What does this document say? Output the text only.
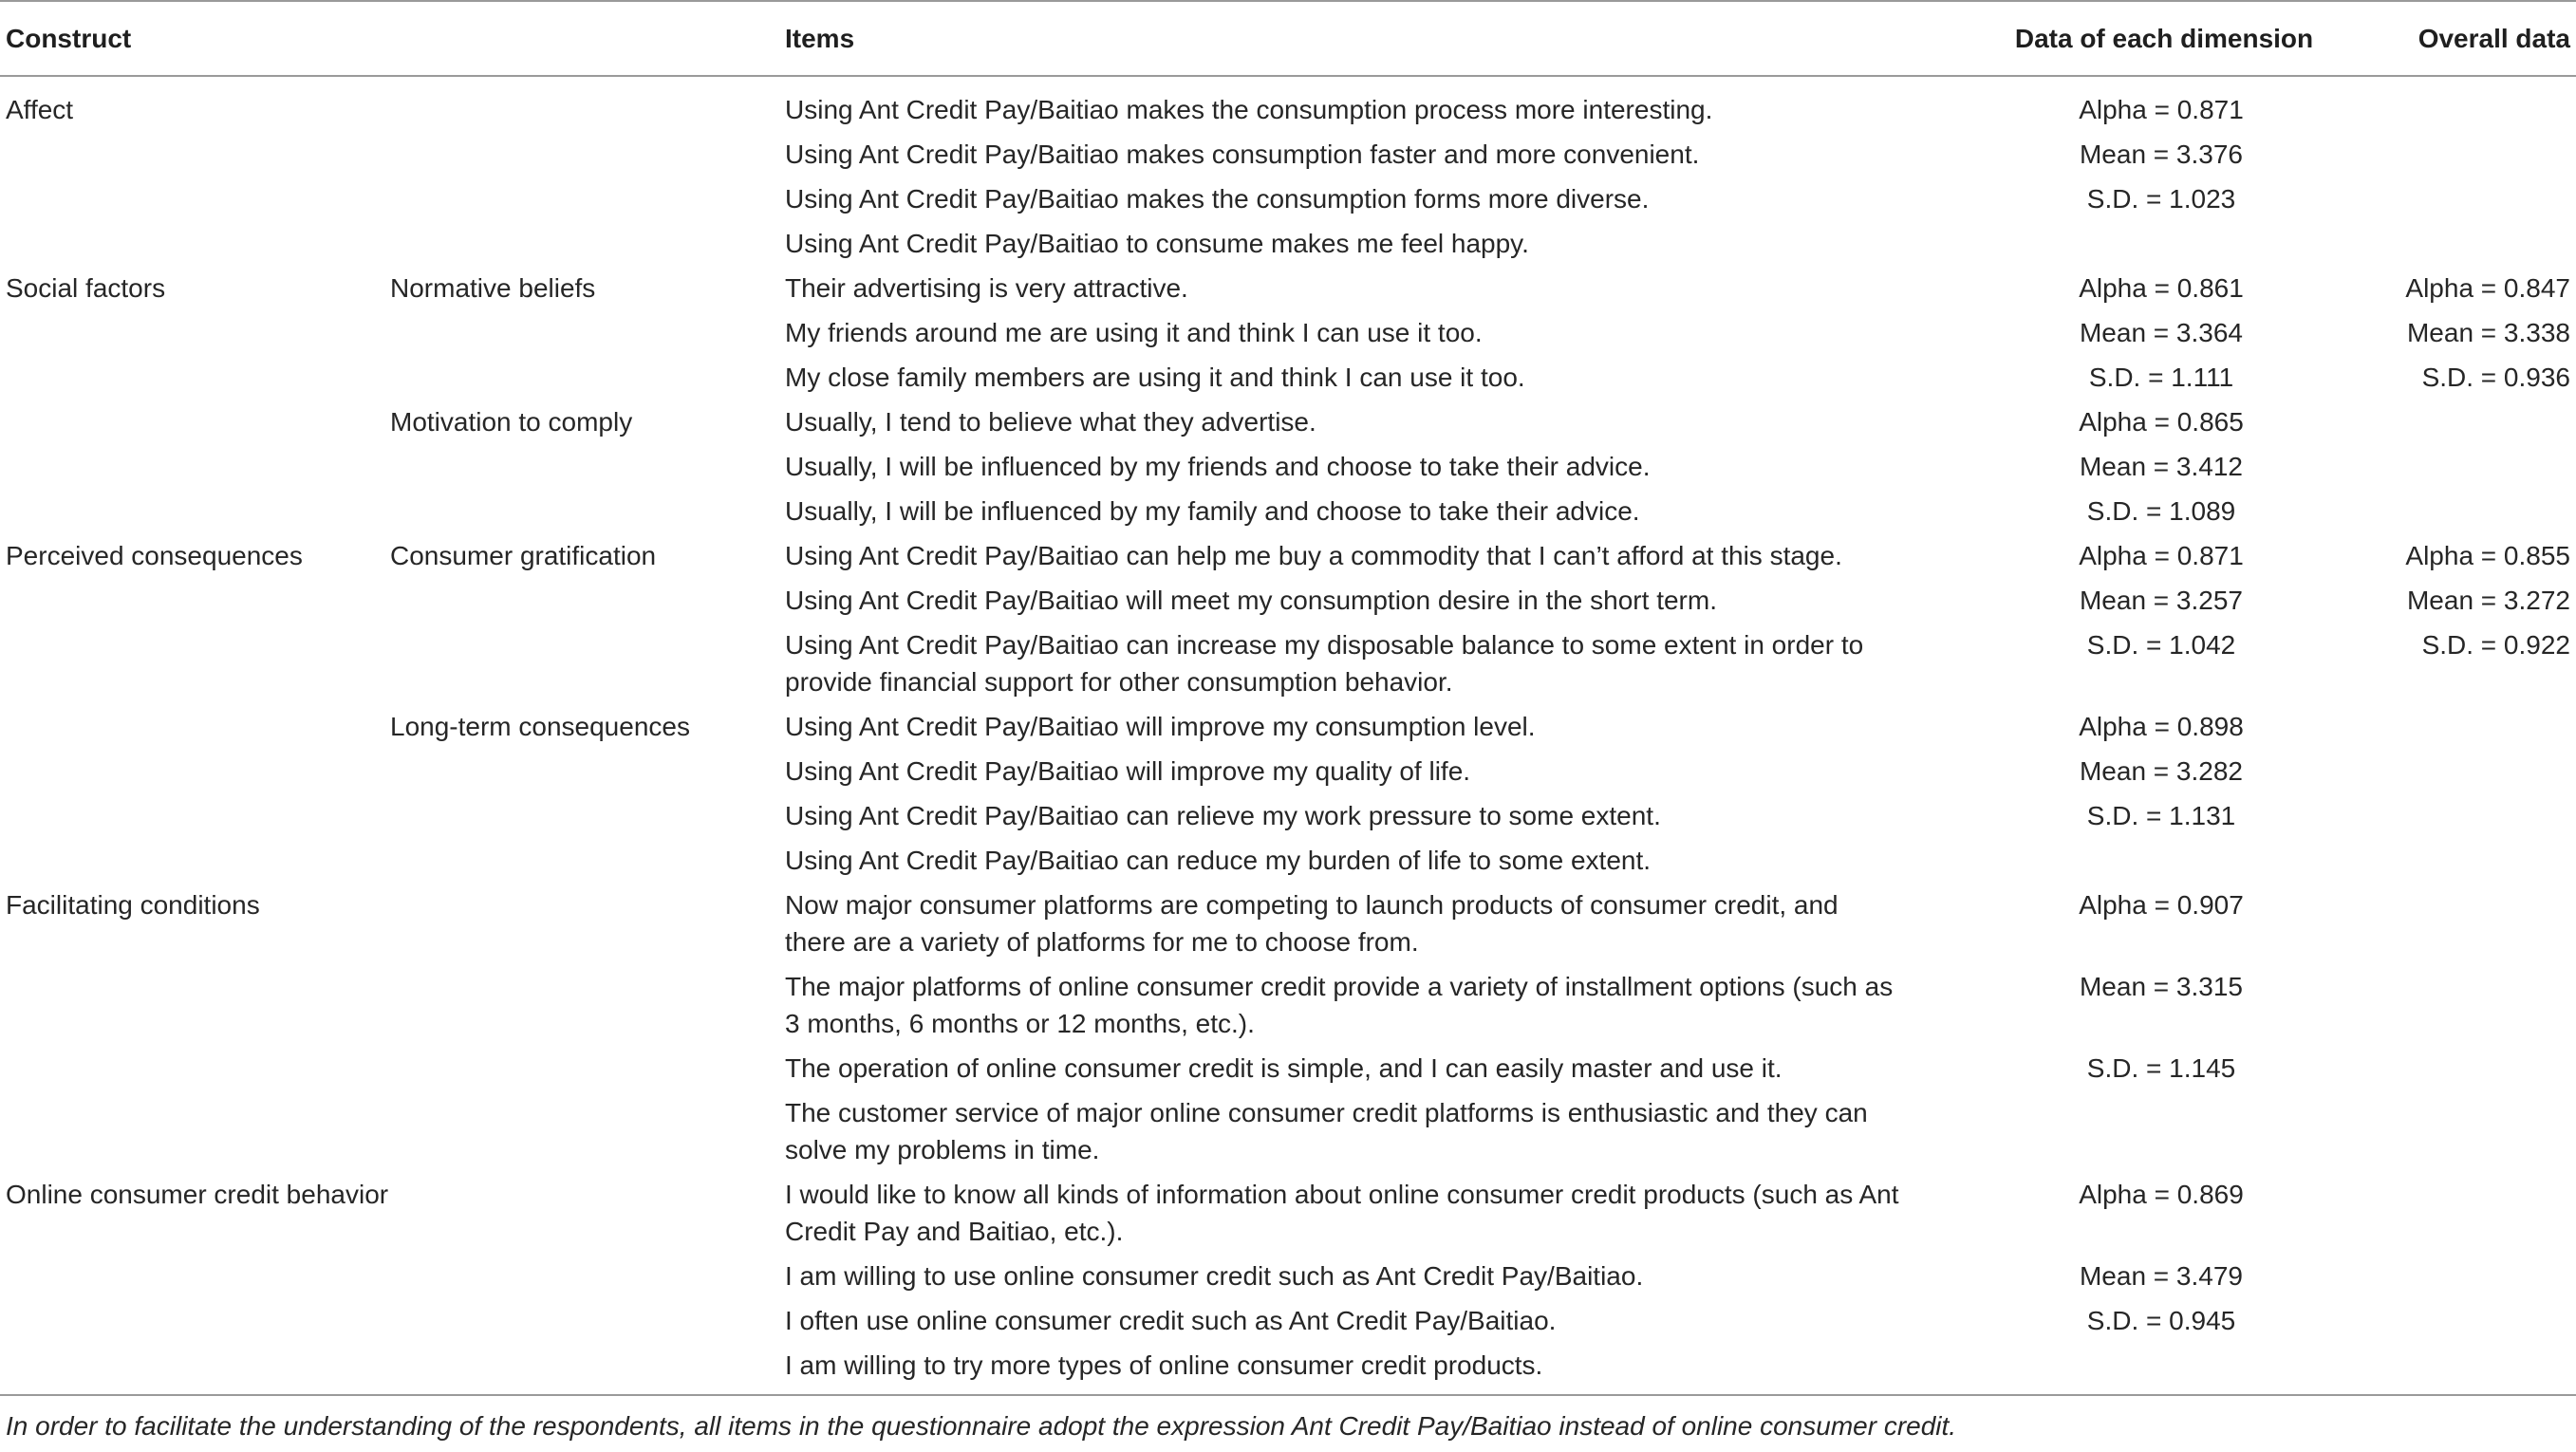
Construct		Items	Data of each dimension	Overall data
Affect		Using Ant Credit Pay/Baitiao makes the consumption process more interesting.	Alpha = 0.871	
		Using Ant Credit Pay/Baitiao makes consumption faster and more convenient.	Mean = 3.376	
		Using Ant Credit Pay/Baitiao makes the consumption forms more diverse.	S.D. = 1.023	
		Using Ant Credit Pay/Baitiao to consume makes me feel happy.		
Social factors	Normative beliefs	Their advertising is very attractive.	Alpha = 0.861	Alpha = 0.847
		My friends around me are using it and think I can use it too.	Mean = 3.364	Mean = 3.338
		My close family members are using it and think I can use it too.	S.D. = 1.111	S.D. = 0.936
	Motivation to comply	Usually, I tend to believe what they advertise.	Alpha = 0.865	
		Usually, I will be influenced by my friends and choose to take their advice.	Mean = 3.412	
		Usually, I will be influenced by my family and choose to take their advice.	S.D. = 1.089	
Perceived consequences	Consumer gratification	Using Ant Credit Pay/Baitiao can help me buy a commodity that I can’t afford at this stage.	Alpha = 0.871	Alpha = 0.855
		Using Ant Credit Pay/Baitiao will meet my consumption desire in the short term.	Mean = 3.257	Mean = 3.272
		Using Ant Credit Pay/Baitiao can increase my disposable balance to some extent in order to
provide financial support for other consumption behavior.	S.D. = 1.042	S.D. = 0.922
	Long-term consequences	Using Ant Credit Pay/Baitiao will improve my consumption level.	Alpha = 0.898	
		Using Ant Credit Pay/Baitiao will improve my quality of life.	Mean = 3.282	
		Using Ant Credit Pay/Baitiao can relieve my work pressure to some extent.	S.D. = 1.131	
		Using Ant Credit Pay/Baitiao can reduce my burden of life to some extent.		
Facilitating conditions		Now major consumer platforms are competing to launch products of consumer credit, and
there are a variety of platforms for me to choose from.	Alpha = 0.907	
		The major platforms of online consumer credit provide a variety of installment options (such as
3 months, 6 months or 12 months, etc.).	Mean = 3.315	
		The operation of online consumer credit is simple, and I can easily master and use it.	S.D. = 1.145	
		The customer service of major online consumer credit platforms is enthusiastic and they can
solve my problems in time.		
Online consumer credit behavior		I would like to know all kinds of information about online consumer credit products (such as Ant
Credit Pay and Baitiao, etc.).	Alpha = 0.869	
		I am willing to use online consumer credit such as Ant Credit Pay/Baitiao.	Mean = 3.479	
		I often use online consumer credit such as Ant Credit Pay/Baitiao.	S.D. = 0.945	
		I am willing to try more types of online consumer credit products.		
In order to facilitate the understanding of the respondents, all items in the questionnaire adopt the expression Ant Credit Pay/Baitiao instead of online consumer credit.
